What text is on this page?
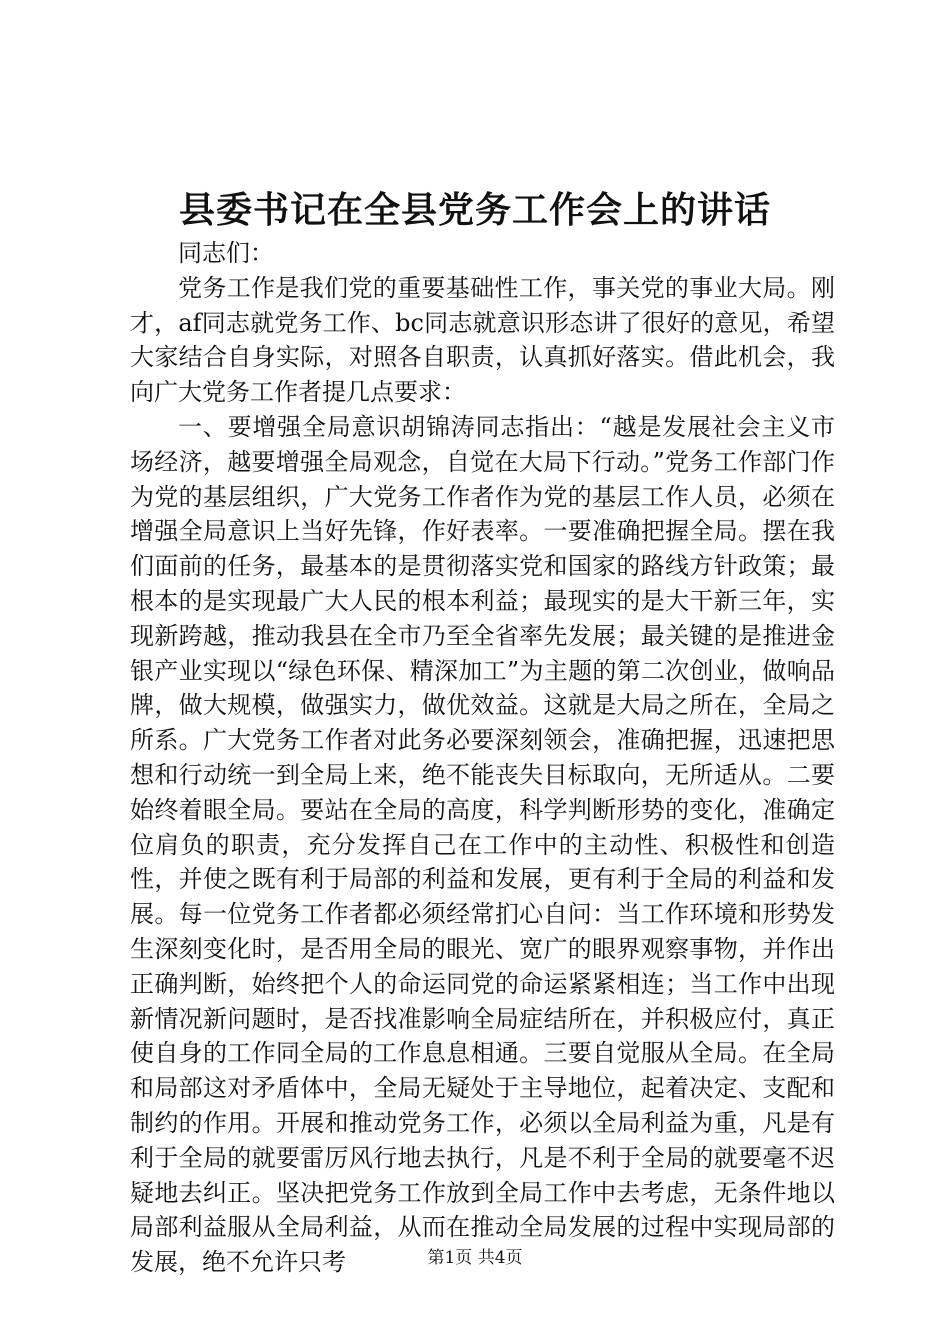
县委书记在全县党务工作会上的讲话

同志们：

党务工作是我们党的重要基础性工作，事关党的事业大局。刚才，af同志就党务工作、bc同志就意识形态讲了很好的意见，希望大家结合自身实际，对照各自职责，认真抓好落实。借此机会，我向广大党务工作者提几点要求：

一、要增强全局意识胡锦涛同志指出：“越是发展社会主义市场经济，越要增强全局观念，自觉在大局下行动。”党务工作部门作为党的基层组织，广大党务工作者作为党的基层工作人员，必须在增强全局意识上当好先锋，作好表率。一要准确把握全局。摆在我们面前的任务，最基本的是贯彻落实党和国家的路线方针政策；最根本的是实现最广大人民的根本利益；最现实的是大干新三年，实现新跨越，推动我县在全市乃至全省率先发展；最关键的是推进金银产业实现以“绿色环保、精深加工”为主题的第二次创业，做响品牌，做大规模，做强实力，做优效益。这就是大局之所在，全局之所系。广大党务工作者对此务必要深刻领会，准确把握，迅速把思想和行动统一到全局上来，绝不能丧失目标取向，无所适从。二要始终着眼全局。要站在全局的高度，科学判断形势的变化，准确定位肩负的职责，充分发挥自己在工作中的主动性、积极性和创造性，并使之既有利于局部的利益和发展，更有利于全局的利益和发展。每一位党务工作者都必须经常扪心自问：当工作环境和形势发生深刻变化时，是否用全局的眼光、宽广的眼界观察事物，并作出正确判断，始终把个人的命运同党的命运紧紧相连；当工作中出现新情况新问题时，是否找准影响全局症结所在，并积极应付，真正使自身的工作同全局的工作息息相通。三要自觉服从全局。在全局和局部这对矛盾体中，全局无疑处于主导地位，起着决定、支配和制约的作用。开展和推动党务工作，必须以全局利益为重，凡是有利于全局的就要雷厉风行地去执行，凡是不利于全局的就要毫不迟疑地去纠正。坚决把党务工作放到全局工作中去考虑，无条件地以局部利益服从全局利益，从而在推动全局发展的过程中实现局部的发展，绝不允许只考	第1页 共4页
